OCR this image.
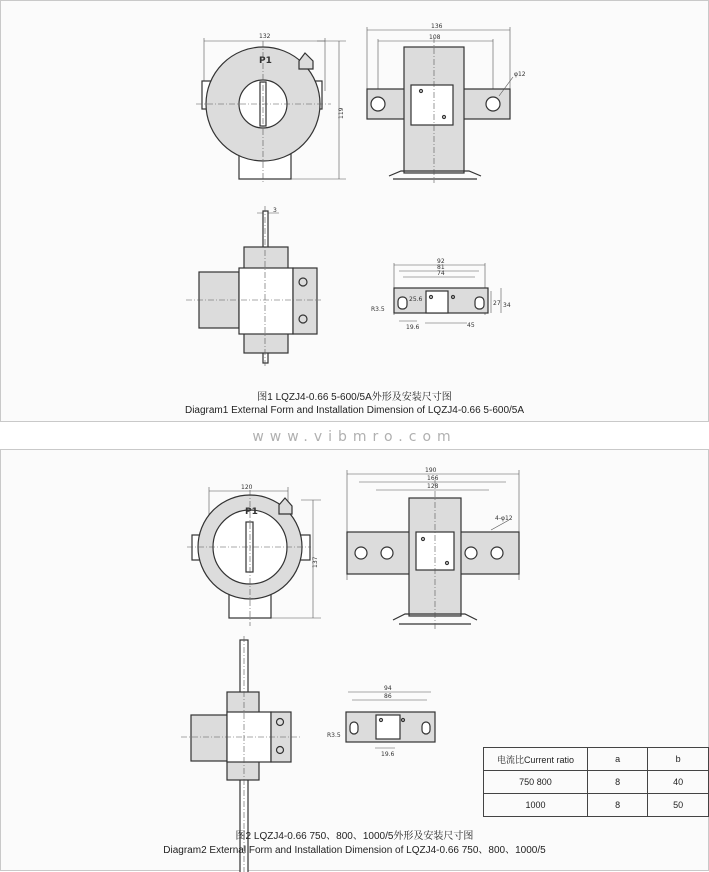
132
119
P1
136
108
φ12
3
92
81
74
27 34
R3.5
25.6
19.6	45
图1 LQZJ4-0.66 5-600/5A外形及安装尺寸图
Diagram1 External Form and Installation Dimension of LQZJ4-0.66 5-600/5A
www.vibmro.com
120
137
P1
190
166
128
4-φ12
94
86
R3.5
19.6	电流比Current ratio	a	b
750 800	8	40
1000	8	50
图2 LQZJ4-0.66 750、800、1000/5外形及安装尺寸图
Diagram2 External Form and Installation Dimension of LQZJ4-0.66 750、800、1000/5
